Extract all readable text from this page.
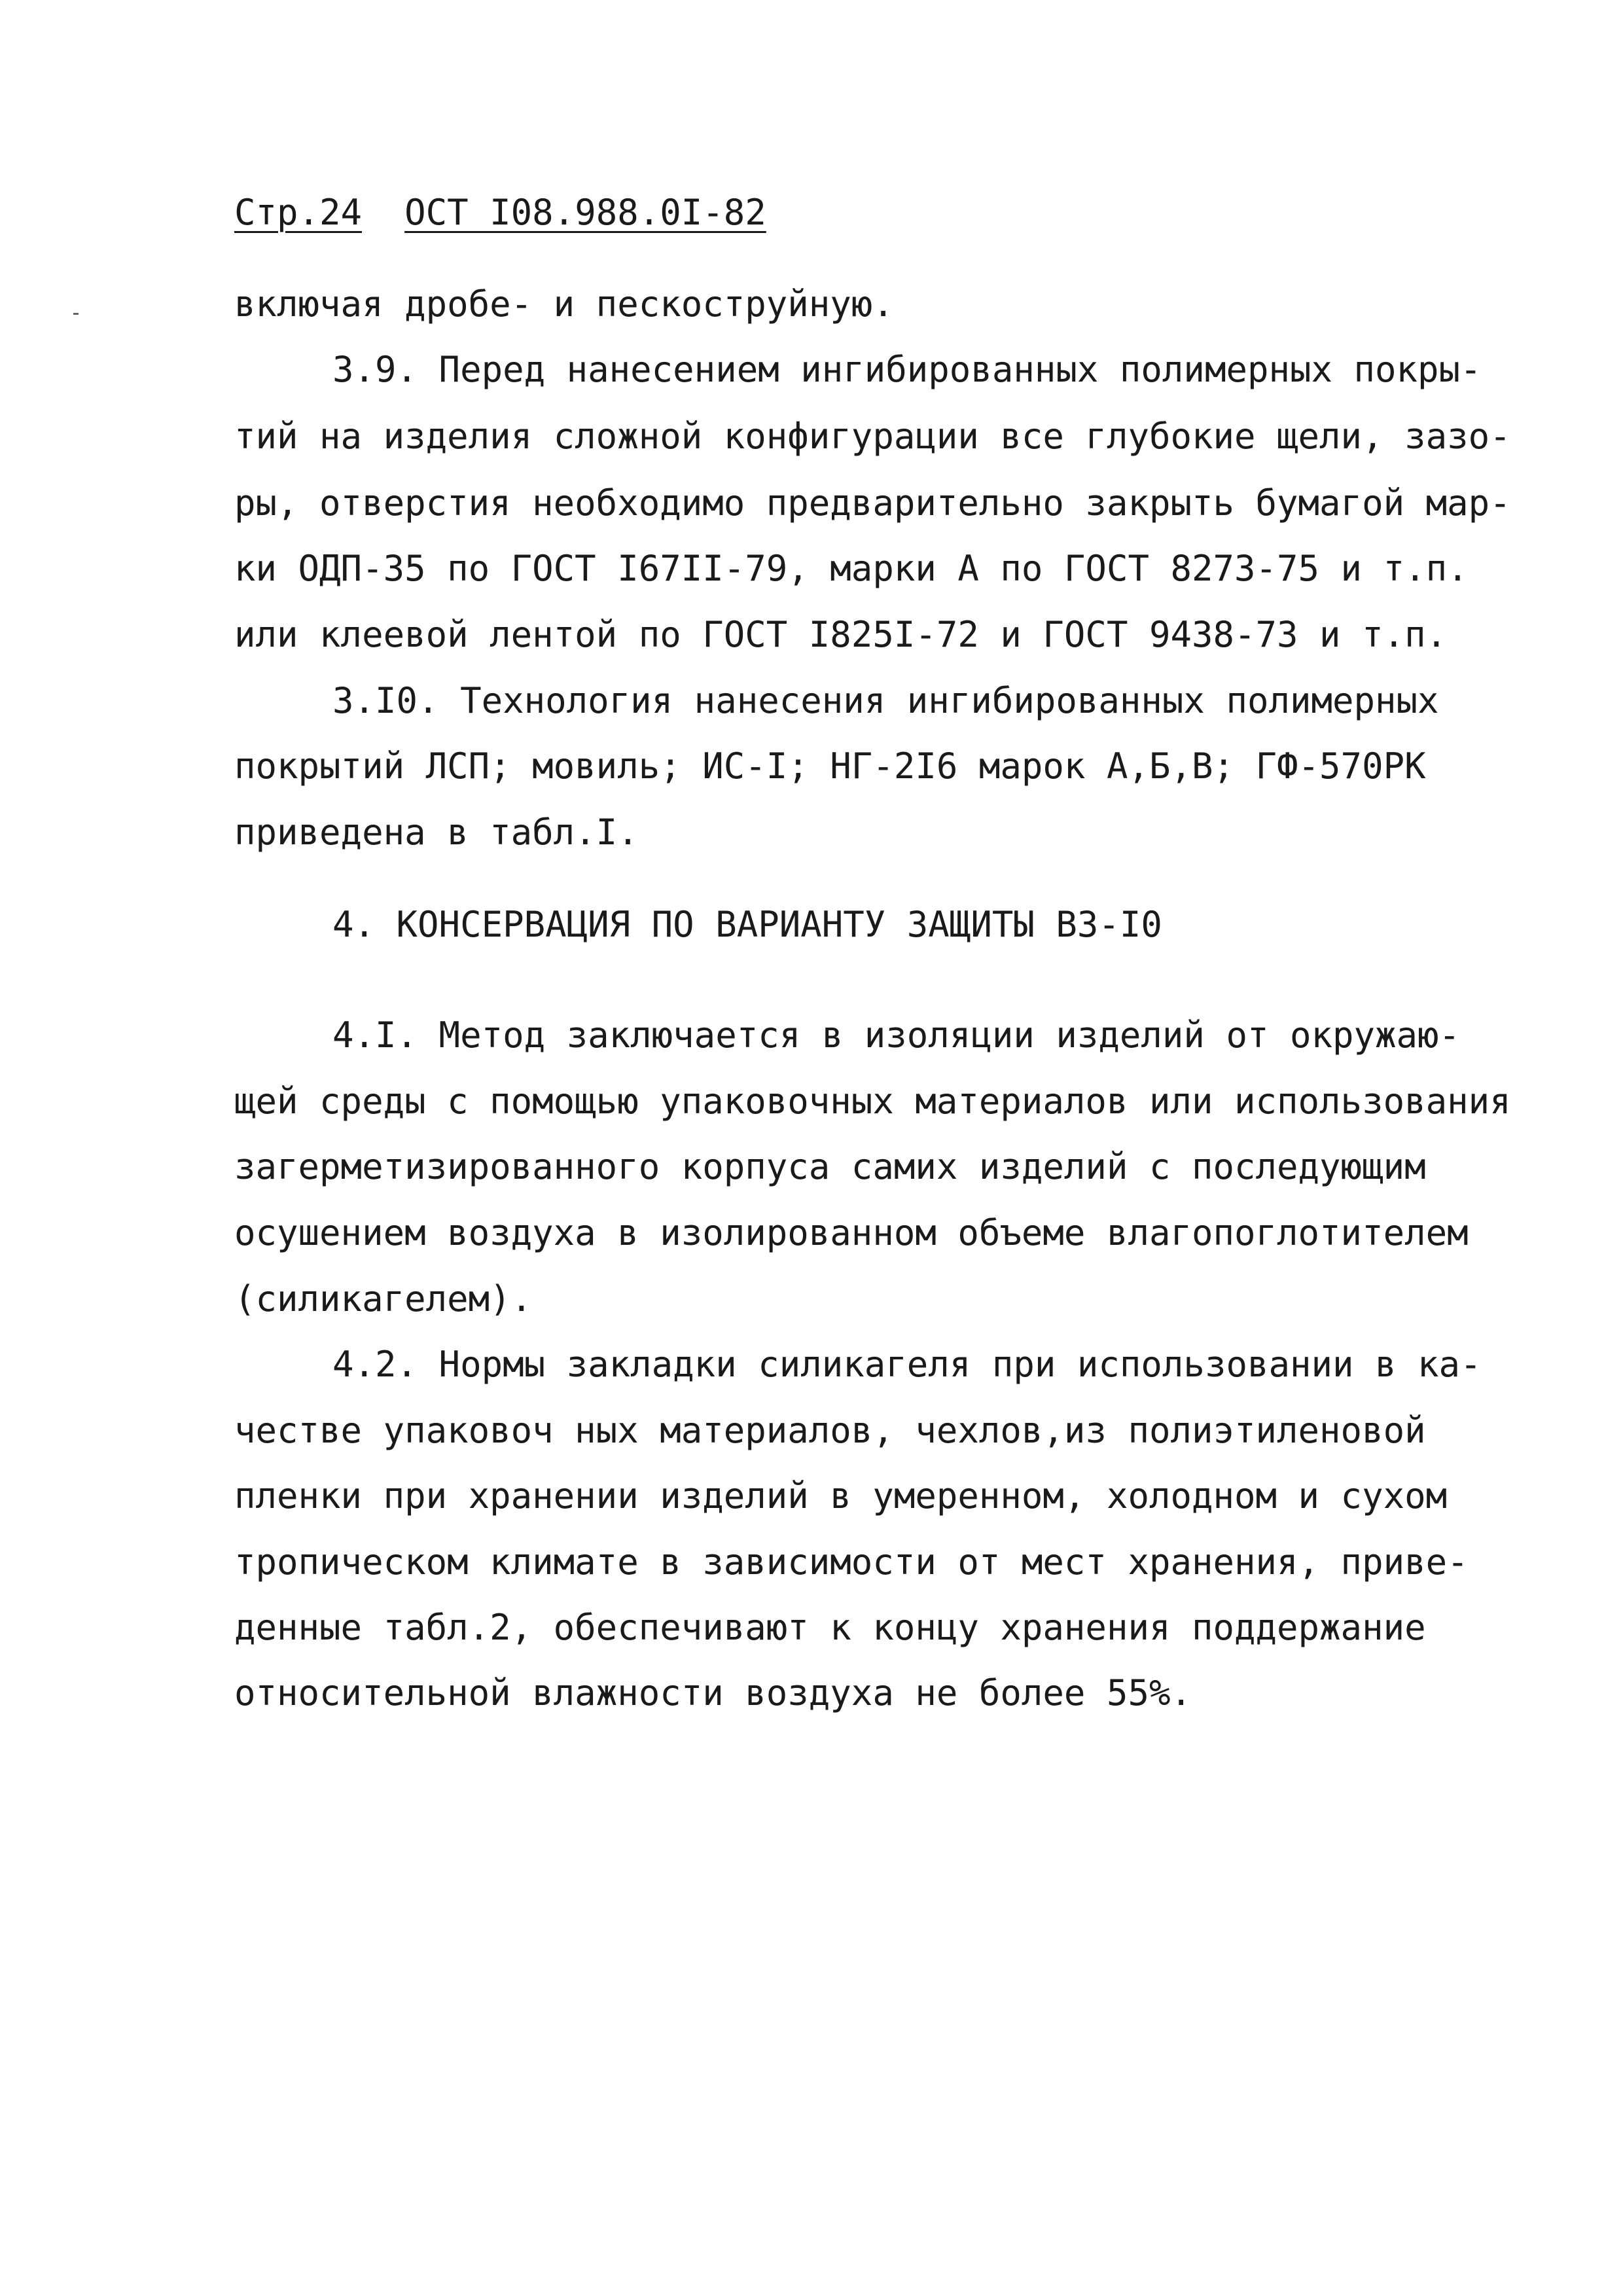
Стр.24 ОСТ I08.988.0I-82
включая дробе- и пескоструйную.
3.9. Перед нанесением ингибированных полимерных покры-
тий на изделия сложной конфигурации все глубокие щели, зазо-
ры, отверстия необходимо предварительно закрыть бумагой мар-
ки ОДП-35 по ГОСТ I67II-79, марки А по ГОСТ 8273-75 и т.п.
или клеевой лентой по ГОСТ I825I-72 и ГОСТ 9438-73 и т.п.
3.I0. Технология нанесения ингибированных полимерных
покрытий ЛСП; мовиль; ИС-I; НГ-2I6 марок А,Б,В; ГФ-570РК
приведена в табл.I.
4. КОНСЕРВАЦИЯ ПО ВАРИАНТУ ЗАЩИТЫ ВЗ-I0
4.I. Метод заключается в изоляции изделий от окружаю-
щей среды с помощью упаковочных материалов или использования
загерметизированного корпуса самих изделий с последующим
осушением воздуха в изолированном объеме влагопоглотителем
(силикагелем).
4.2. Нормы закладки силикагеля при использовании в ка-
честве упаковоч ных материалов, чехлов,из полиэтиленовой
пленки при хранении изделий в умеренном, холодном и сухом
тропическом климате в зависимости от мест хранения, приве-
денные табл.2, обеспечивают к концу хранения поддержание
относительной влажности воздуха не более 55%.
